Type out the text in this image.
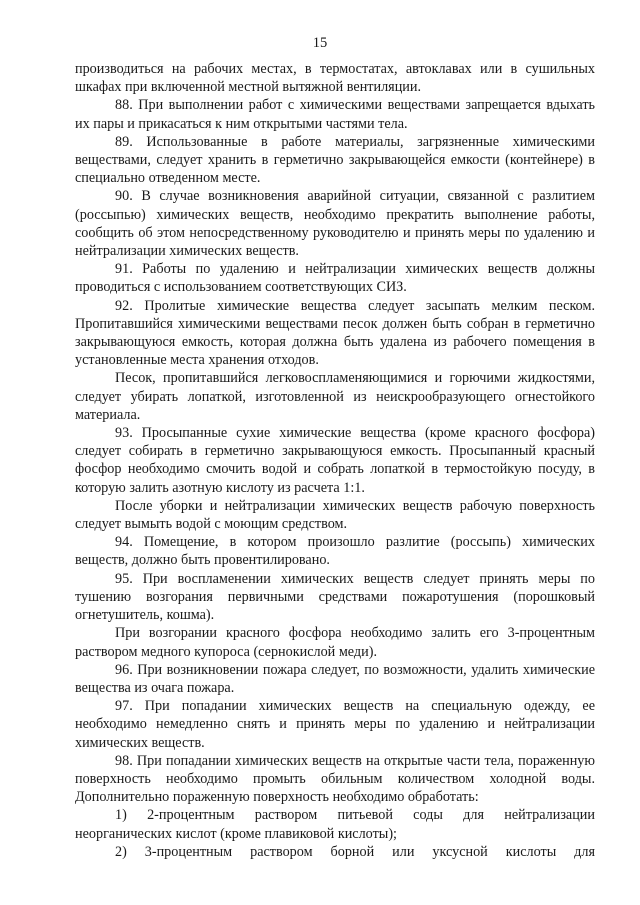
15

производиться на рабочих местах, в термостатах, автоклавах или в сушильных шкафах при включенной местной вытяжной вентиляции.

88. При выполнении работ с химическими веществами запрещается вдыхать их пары и прикасаться к ним открытыми частями тела.

89. Использованные в работе материалы, загрязненные химическими веществами, следует хранить в герметично закрывающейся емкости (контейнере) в специально отведенном месте.

90. В случае возникновения аварийной ситуации, связанной с разлитием (россыпью) химических веществ, необходимо прекратить выполнение работы, сообщить об этом непосредственному руководителю и принять меры по удалению и нейтрализации химических веществ.

91. Работы по удалению и нейтрализации химических веществ должны проводиться с использованием соответствующих СИЗ.

92. Пролитые химические вещества следует засыпать мелким песком. Пропитавшийся химическими веществами песок должен быть собран в герметично закрывающуюся емкость, которая должна быть удалена из рабочего помещения в установленные места хранения отходов.

Песок, пропитавшийся легковоспламеняющимися и горючими жидкостями, следует убирать лопаткой, изготовленной из неискрообразующего огнестойкого материала.

93. Просыпанные сухие химические вещества (кроме красного фосфора) следует собирать в герметично закрывающуюся емкость. Просыпанный красный фосфор необходимо смочить водой и собрать лопаткой в термостойкую посуду, в которую залить азотную кислоту из расчета 1:1.

После уборки и нейтрализации химических веществ рабочую поверхность следует вымыть водой с моющим средством.

94. Помещение, в котором произошло разлитие (россыпь) химических веществ, должно быть провентилировано.

95. При воспламенении химических веществ следует принять меры по тушению возгорания первичными средствами пожаротушения (порошковый огнетушитель, кошма).

При возгорании красного фосфора необходимо залить его 3-процентным раствором медного купороса (сернокислой меди).

96. При возникновении пожара следует, по возможности, удалить химические вещества из очага пожара.

97. При попадании химических веществ на специальную одежду, ее необходимо немедленно снять и принять меры по удалению и нейтрализации химических веществ.

98. При попадании химических веществ на открытые части тела, пораженную поверхность необходимо промыть обильным количеством холодной воды. Дополнительно пораженную поверхность необходимо обработать:

1) 2-процентным раствором питьевой соды для нейтрализации неорганических кислот (кроме плавиковой кислоты);

2) 3-процентным раствором борной или уксусной кислоты для
